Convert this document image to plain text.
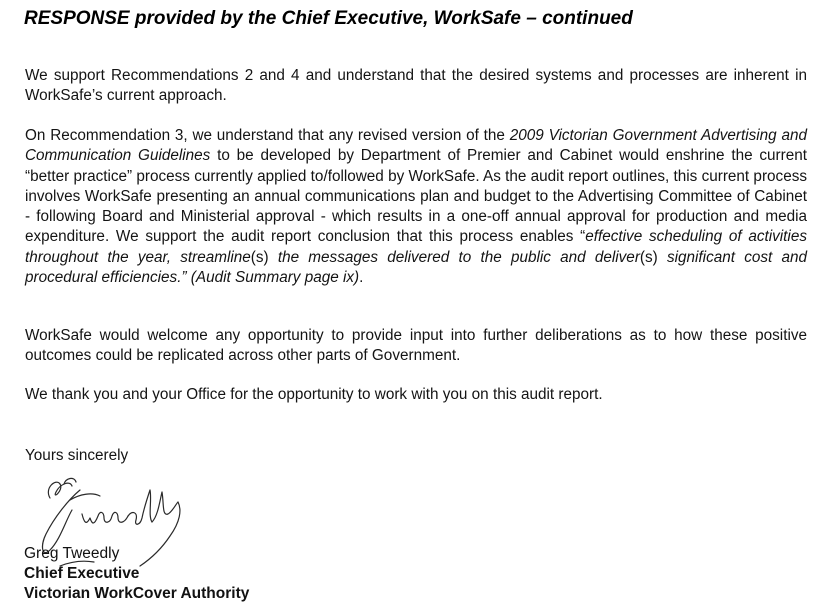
RESPONSE provided by the Chief Executive, WorkSafe – continued

We support Recommendations 2 and 4 and understand that the desired systems and processes are inherent in WorkSafe’s current approach.

On Recommendation 3, we understand that any revised version of the 2009 Victorian Government Advertising and Communication Guidelines to be developed by Department of Premier and Cabinet would enshrine the current “better practice” process currently applied to/followed by WorkSafe. As the audit report outlines, this current process involves WorkSafe presenting an annual communications plan and budget to the Advertising Committee of Cabinet - following Board and Ministerial approval - which results in a one-off annual approval for production and media expenditure. We support the audit report conclusion that this process enables “effective scheduling of activities throughout the year, streamline(s) the messages delivered to the public and deliver(s) significant cost and procedural efficiencies.” (Audit Summary page ix).

WorkSafe would welcome any opportunity to provide input into further deliberations as to how these positive outcomes could be replicated across other parts of Government.

We thank you and your Office for the opportunity to work with you on this audit report.

Yours sincerely

Greg Tweedly
Chief Executive
Victorian WorkCover Authority
